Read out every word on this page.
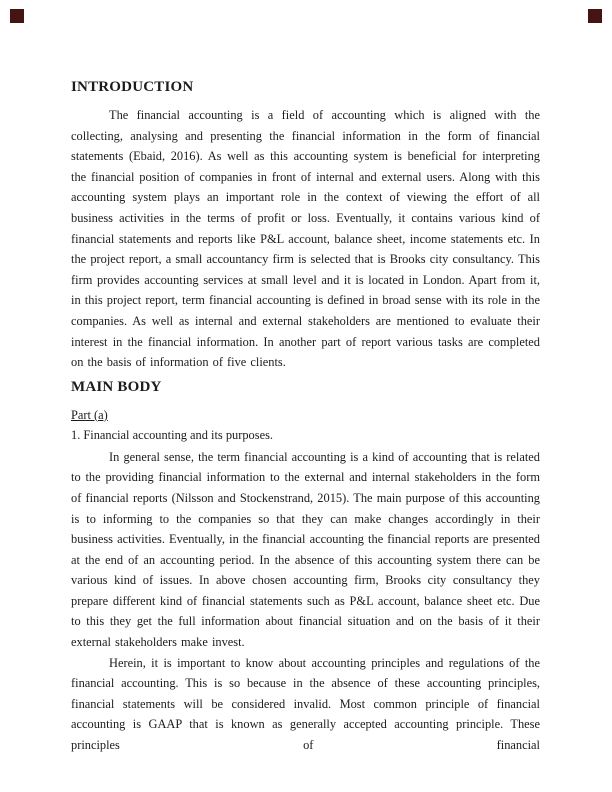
INTRODUCTION

The financial accounting is a field of accounting which is aligned with the collecting, analysing and presenting the financial information in the form of financial statements (Ebaid, 2016). As well as this accounting system is beneficial for interpreting the financial position of companies in front of internal and external users. Along with this accounting system plays an important role in the context of viewing the effort of all business activities in the terms of profit or loss. Eventually, it contains various kind of financial statements and reports like P&L account, balance sheet, income statements etc. In the project report, a small accountancy firm is selected that is Brooks city consultancy. This firm provides accounting services at small level and it is located in London. Apart from it, in this project report, term financial accounting is defined in broad sense with its role in the companies. As well as internal and external stakeholders are mentioned to evaluate their interest in the financial information. In another part of report various tasks are completed on the basis of information of five clients.

MAIN BODY
Part (a)
1. Financial accounting and its purposes.

In general sense, the term financial accounting is a kind of accounting that is related to the providing financial information to the external and internal stakeholders in the form of financial reports (Nilsson and Stockenstrand, 2015). The main purpose of this accounting is to informing to the companies so that they can make changes accordingly in their business activities. Eventually, in the financial accounting the financial reports are presented at the end of an accounting period. In the absence of this accounting system there can be various kind of issues. In above chosen accounting firm, Brooks city consultancy they prepare different kind of financial statements such as P&L account, balance sheet etc. Due to this they get the full information about financial situation and on the basis of it their external stakeholders make invest.

Herein, it is important to know about accounting principles and regulations of the financial accounting. This is so because in the absence of these accounting principles, financial statements will be considered invalid. Most common principle of financial accounting is GAAP that is known as generally accepted accounting principle. These principles of financial
